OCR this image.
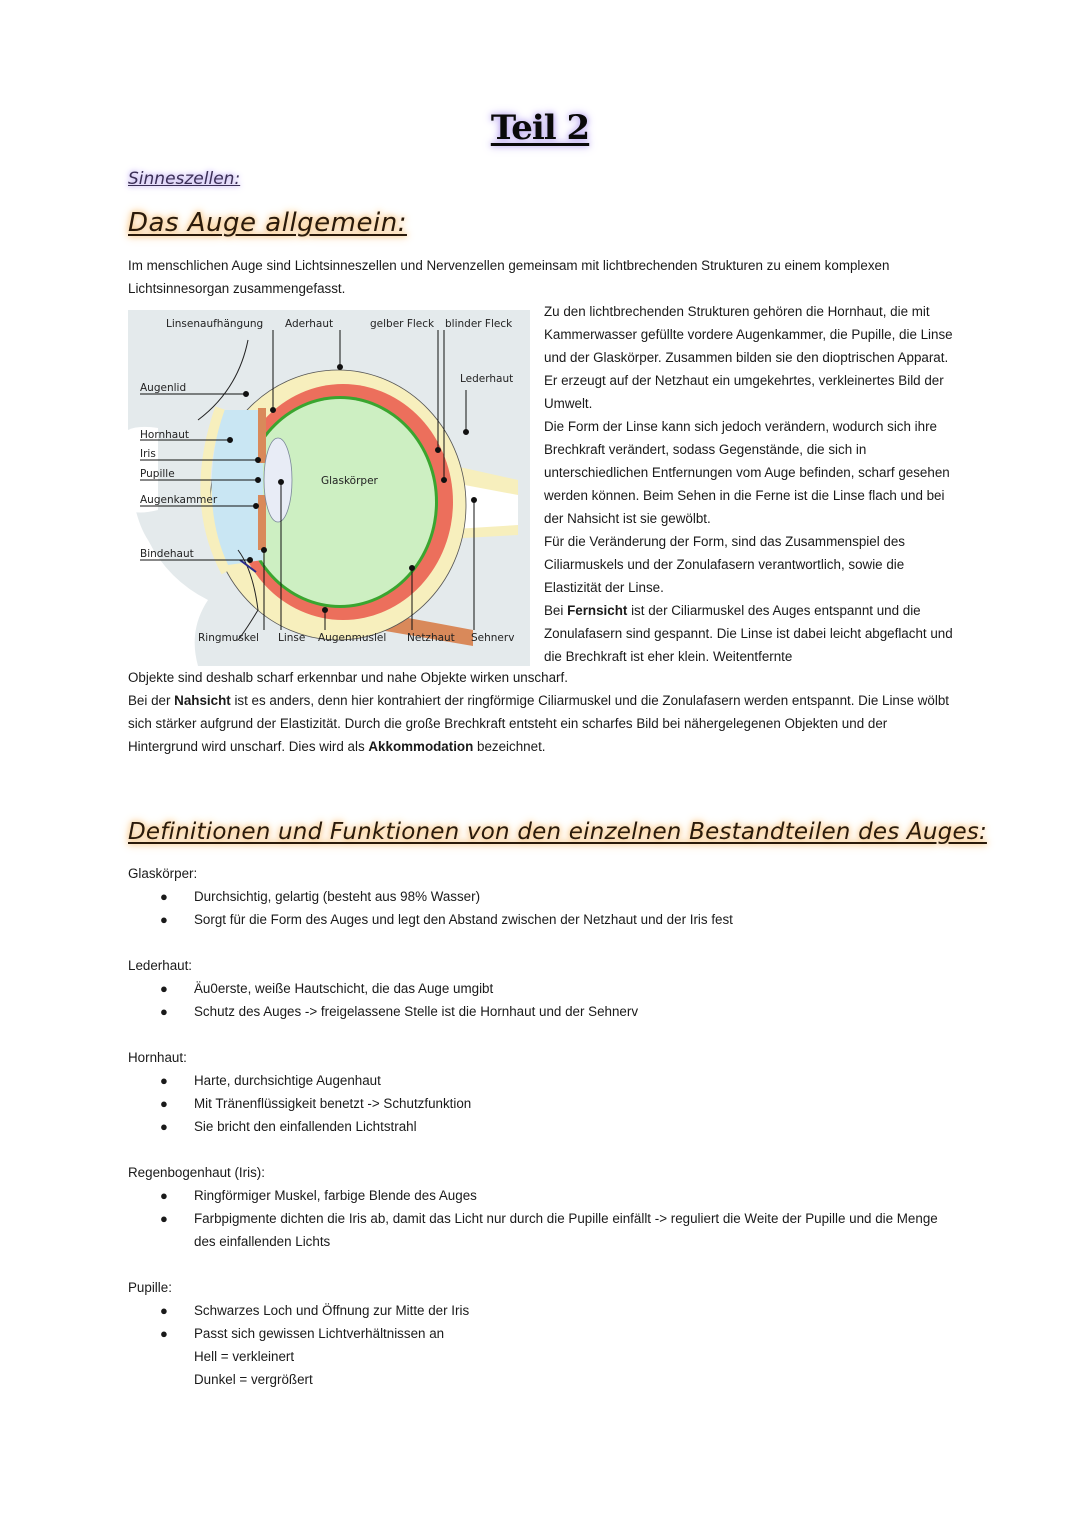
Teil 2
Sinneszellen:
Das Auge allgemein:
Im menschlichen Auge sind Lichtsinneszellen und Nervenzellen gemeinsam mit lichtbrechenden Strukturen zu einem komplexen Lichtsinnesorgan zusammengefasst.
Linsenaufhängung Aderhaut	gelber Fleck blinder Fleck
Lederhaut
Augenlid
Hornhaut
Iris
Pupille
Augenkammer
Bindehaut
Glaskörper
Ringmuskel Linse Augenmuslel Netzhaut Sehnerv
Zu den lichtbrechenden Strukturen gehören die Hornhaut, die mit Kammerwasser gefüllte vordere Augenkammer, die Pupille, die Linse und der Glaskörper. Zusammen bilden sie den dioptrischen Apparat. Er erzeugt auf der Netzhaut ein umgekehrtes, verkleinertes Bild der Umwelt.
Die Form der Linse kann sich jedoch verändern, wodurch sich ihre Brechkraft verändert, sodass Gegenstände, die sich in unterschiedlichen Entfernungen vom Auge befinden, scharf gesehen werden können. Beim Sehen in die Ferne ist die Linse flach und bei der Nahsicht ist sie gewölbt.
Für die Veränderung der Form, sind das Zusammenspiel des Ciliarmuskels und der Zonulafasern verantwortlich, sowie die Elastizität der Linse.
Bei Fernsicht ist der Ciliarmuskel des Auges entspannt und die Zonulafasern sind gespannt. Die Linse ist dabei leicht abgeflacht und die Brechkraft ist eher klein. Weitentfernte
Objekte sind deshalb scharf erkennbar und nahe Objekte wirken unscharf.
Bei der Nahsicht ist es anders, denn hier kontrahiert der ringförmige Ciliarmuskel und die Zonulafasern werden entspannt. Die Linse wölbt sich stärker aufgrund der Elastizität. Durch die große Brechkraft entsteht ein scharfes Bild bei nähergelegenen Objekten und der Hintergrund wird unscharf. Dies wird als Akkommodation bezeichnet.
Definitionen und Funktionen von den einzelnen Bestandteilen des Auges:
Glaskörper:
● Durchsichtig, gelartig (besteht aus 98% Wasser)
● Sorgt für die Form des Auges und legt den Abstand zwischen der Netzhaut und der Iris fest
Lederhaut:
● Äu0erste, weiße Hautschicht, die das Auge umgibt
● Schutz des Auges -> freigelassene Stelle ist die Hornhaut und der Sehnerv
Hornhaut:
● Harte, durchsichtige Augenhaut
● Mit Tränenflüssigkeit benetzt -> Schutzfunktion
● Sie bricht den einfallenden Lichtstrahl
Regenbogenhaut (Iris):
● Ringförmiger Muskel, farbige Blende des Auges
● Farbpigmente dichten die Iris ab, damit das Licht nur durch die Pupille einfällt -> reguliert die Weite der Pupille und die Menge des einfallenden Lichts
Pupille:
● Schwarzes Loch und Öffnung zur Mitte der Iris
● Passt sich gewissen Lichtverhältnissen an
Hell = verkleinert
Dunkel = vergrößert
